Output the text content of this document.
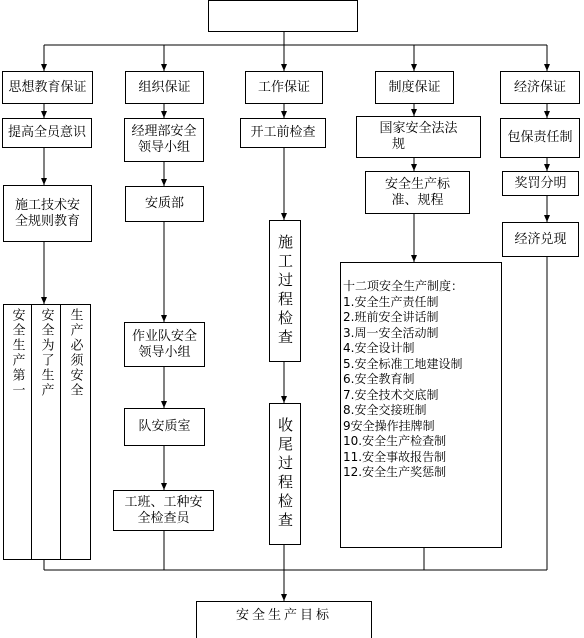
思想教育保证	组织保证	工作保证	制度保证	经济保证
提高全员意识
施工技术安
全规则教育
生产必须安全
安全为了生产
安全生产第一
经理部安全
领导小组
安质部
作业队安全
领导小组
队安质室
工班、工种安
全检查员
开工前检查
施工过程检查
收尾过程检查
国家安全法法
规
安全生产标
准、规程
十二项安全生产制度：
1.安全生产责任制
2.班前安全讲话制
3.周一安全活动制
4.安全设计制
5.安全标准工地建设制
6.安全教育制
7.安全技术交底制
8.安全交接班制
9安全操作挂牌制
10.安全生产检查制
11.安全事故报告制
12.安全生产奖惩制
包保责任制
奖罚分明
经济兑现
安全生产目标
